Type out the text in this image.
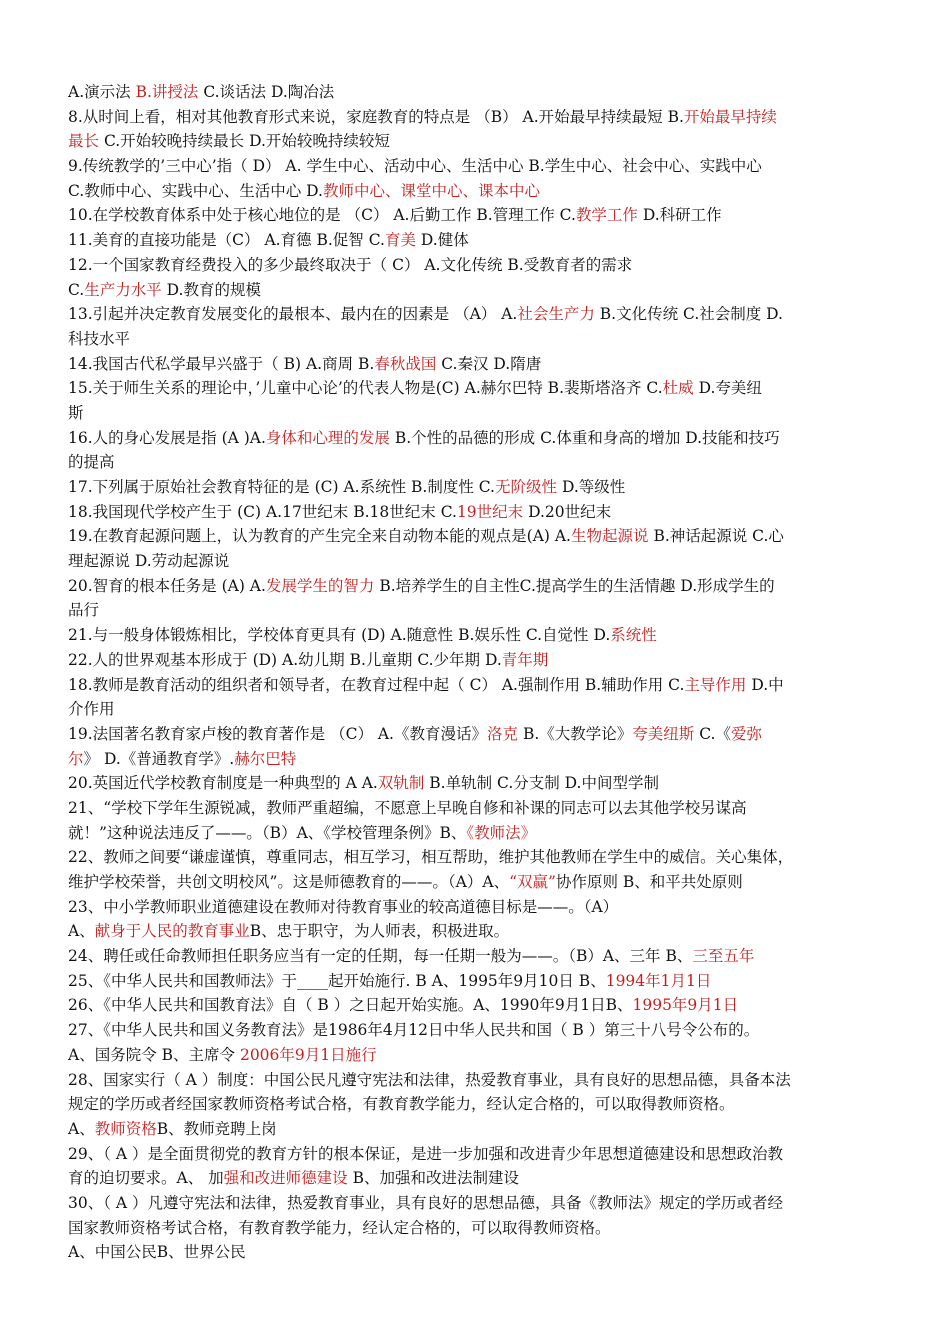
A.演示法 B.讲授法 C.谈话法 D.陶冶法
8.从时间上看，相对其他教育形式来说，家庭教育的特点是 （B） A.开始最早持续最短 B.开始最早持续
最长 C.开始较晚持续最长 D.开始较晚持续较短
9.传统教学的’三中心’指（ D） A. 学生中心、活动中心、生活中心 B.学生中心、社会中心、实践中心
C.教师中心、实践中心、生活中心 D.教师中心、课堂中心、课本中心
10.在学校教育体系中处于核心地位的是 （C） A.后勤工作 B.管理工作 C.教学工作 D.科研工作
11.美育的直接功能是（C） A.育德 B.促智 C.育美 D.健体
12.一个国家教育经费投入的多少最终取决于（ C） A.文化传统 B.受教育者的需求
C.生产力水平 D.教育的规模
13.引起并决定教育发展变化的最根本、最内在的因素是 （A） A.社会生产力 B.文化传统 C.社会制度 D.
科技水平
14.我国古代私学最早兴盛于（ B) A.商周 B.春秋战国 C.秦汉 D.隋唐
15.关于师生关系的理论中，’儿童中心论’的代表人物是(C) A.赫尔巴特 B.裴斯塔洛齐 C.杜威 D.夸美纽
斯
16.人的身心发展是指 (A )A.身体和心理的发展 B.个性的品德的形成 C.体重和身高的增加 D.技能和技巧
的提高
17.下列属于原始社会教育特征的是 (C) A.系统性 B.制度性 C.无阶级性 D.等级性
18.我国现代学校产生于 (C) A.17世纪末 B.18世纪末 C.19世纪末 D.20世纪末
19.在教育起源问题上，认为教育的产生完全来自动物本能的观点是(A) A.生物起源说 B.神话起源说 C.心
理起源说 D.劳动起源说
20.智育的根本任务是 (A) A.发展学生的智力 B.培养学生的自主性C.提高学生的生活情趣 D.形成学生的
品行
21.与一般身体锻炼相比，学校体育更具有 (D) A.随意性 B.娱乐性 C.自觉性 D.系统性
22.人的世界观基本形成于 (D) A.幼儿期 B.儿童期 C.少年期 D.青年期
18.教师是教育活动的组织者和领导者，在教育过程中起（ C） A.强制作用 B.辅助作用 C.主导作用 D.中
介作用
19.法国著名教育家卢梭的教育著作是 （C） A.《教育漫话》洛克 B.《大教学论》夸美纽斯 C.《爱弥
尔》 D.《普通教育学》.赫尔巴特
20.英国近代学校教育制度是一种典型的 A A.双轨制 B.单轨制 C.分支制 D.中间型学制
21、“学校下学年生源锐减，教师严重超编，不愿意上早晚自修和补课的同志可以去其他学校另谋高
就！”这种说法违反了——。（B）A、《学校管理条例》B、《教师法》
22、教师之间要“谦虚谨慎，尊重同志，相互学习，相互帮助，维护其他教师在学生中的威信。关心集体，
维护学校荣誉，共创文明校风”。这是师德教育的——。（A）A、“双赢”协作原则 B、和平共处原则
23、中小学教师职业道德建设在教师对待教育事业的较高道德目标是——。（A）
A、献身于人民的教育事业B、忠于职守，为人师表，积极进取。
24、聘任或任命教师担任职务应当有一定的任期，每一任期一般为——。（B）A、三年 B、三至五年
25、《中华人民共和国教师法》于____起开始施行. B A、1995年9月10日 B、1994年1月1日
26、《中华人民共和国教育法》自（ B ）之日起开始实施。A、1990年9月1日B、1995年9月1日
27、《中华人民共和国义务教育法》是1986年4月12日中华人民共和国（ B ）第三十八号令公布的。
A、国务院令 B、主席令 2006年9月1日施行
28、国家实行（ A ）制度：中国公民凡遵守宪法和法律，热爱教育事业，具有良好的思想品德，具备本法
规定的学历或者经国家教师资格考试合格，有教育教学能力，经认定合格的，可以取得教师资格。
A、教师资格B、教师竞聘上岗
29、（ A ）是全面贯彻党的教育方针的根本保证，是进一步加强和改进青少年思想道德建设和思想政治教
育的迫切要求。A、 加强和改进师德建设 B、加强和改进法制建设
30、（ A ）凡遵守宪法和法律，热爱教育事业，具有良好的思想品德，具备《教师法》规定的学历或者经
国家教师资格考试合格，有教育教学能力，经认定合格的，可以取得教师资格。
A、中国公民B、世界公民
